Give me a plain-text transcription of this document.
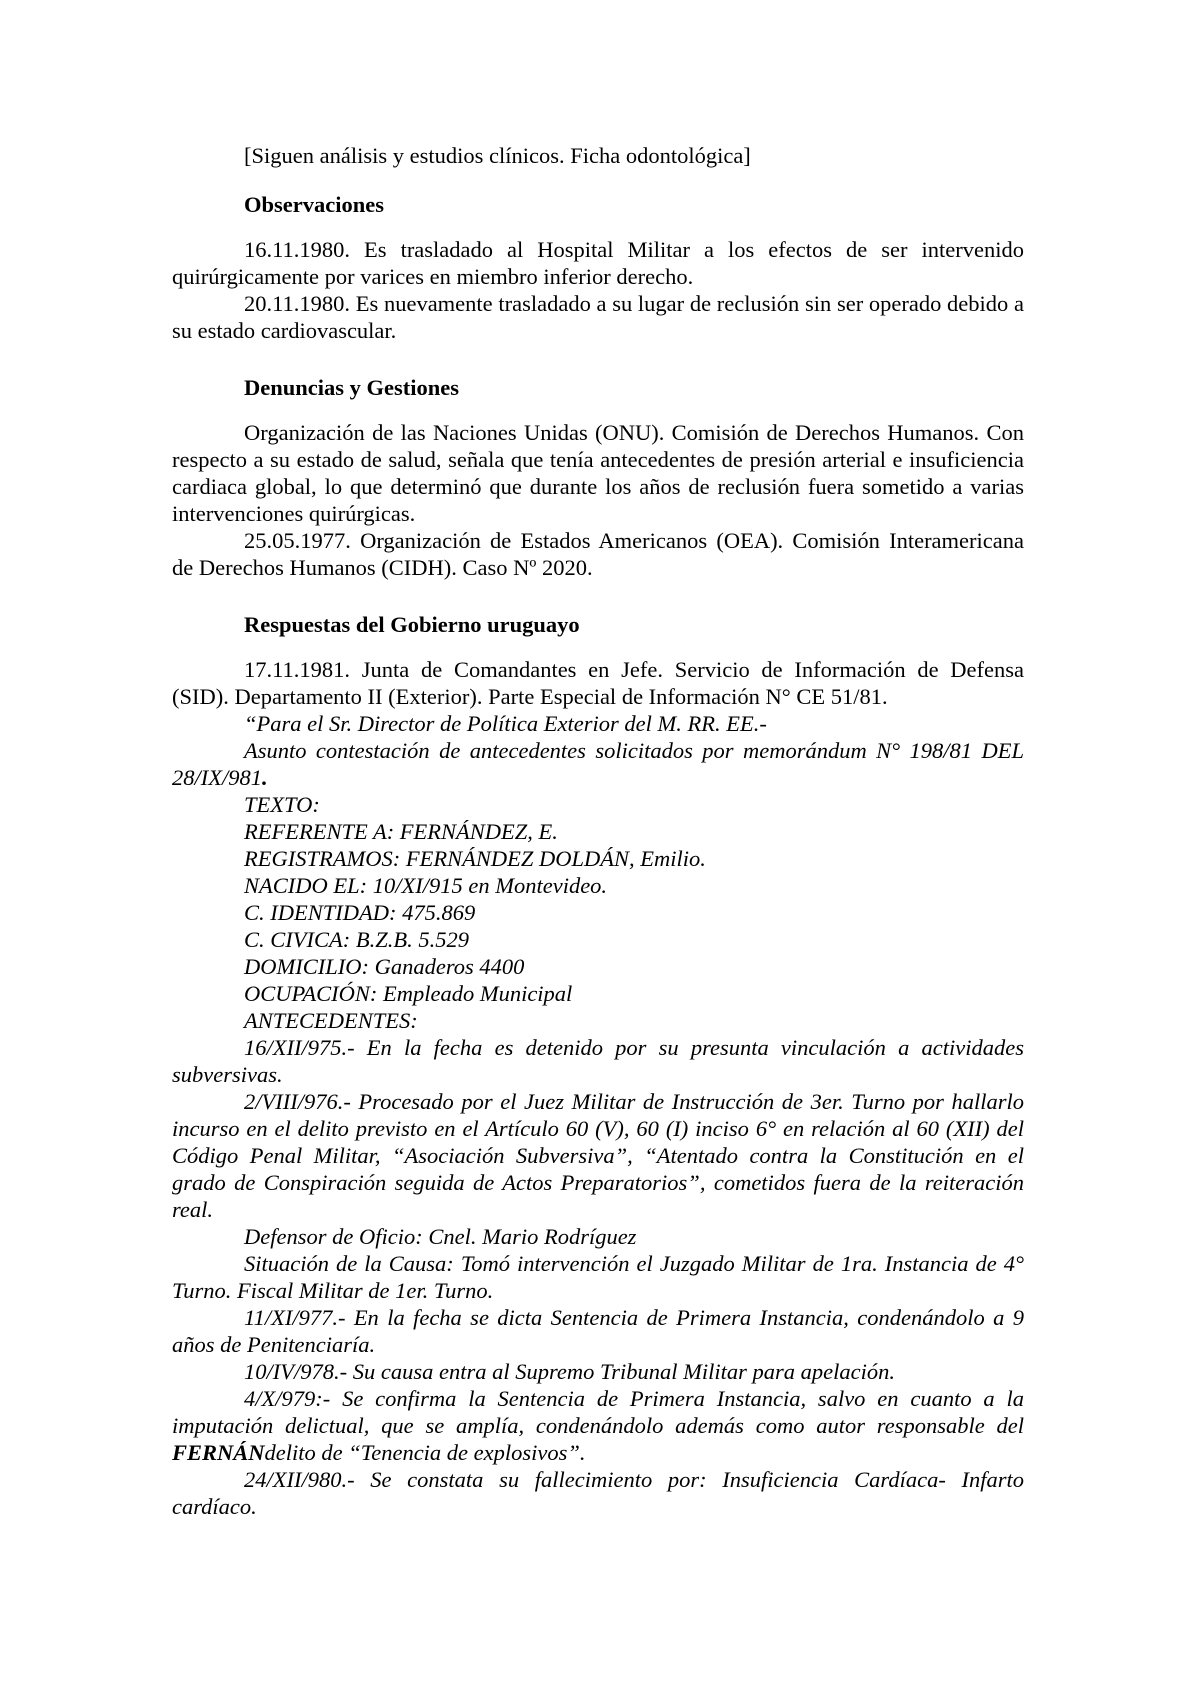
[Siguen análisis y estudios clínicos. Ficha odontológica]

Observaciones

16.11.1980. Es trasladado al Hospital Militar a los efectos de ser intervenido quirúrgicamente por varices en miembro inferior derecho.

20.11.1980. Es nuevamente trasladado a su lugar de reclusión sin ser operado debido a su estado cardiovascular.

Denuncias y Gestiones

Organización de las Naciones Unidas (ONU). Comisión de Derechos Humanos. Con respecto a su estado de salud, señala que tenía antecedentes de presión arterial e insuficiencia cardiaca global, lo que determinó que durante los años de reclusión fuera sometido a varias intervenciones quirúrgicas.

25.05.1977. Organización de Estados Americanos (OEA). Comisión Interamericana de Derechos Humanos (CIDH). Caso Nº 2020.

Respuestas del Gobierno uruguayo

17.11.1981. Junta de Comandantes en Jefe. Servicio de Información de Defensa (SID). Departamento II (Exterior). Parte Especial de Información N° CE 51/81.

“Para el Sr. Director de Política Exterior del M. RR. EE.-

Asunto contestación de antecedentes solicitados por memorándum N° 198/81 DEL 28/IX/981.

TEXTO:

REFERENTE A: FERNÁNDEZ, E.

REGISTRAMOS: FERNÁNDEZ DOLDÁN, Emilio.

NACIDO EL: 10/XI/915 en Montevideo.

C. IDENTIDAD: 475.869

C. CIVICA: B.Z.B. 5.529

DOMICILIO: Ganaderos 4400

OCUPACIÓN: Empleado Municipal

ANTECEDENTES:

16/XII/975.- En la fecha es detenido por su presunta vinculación a actividades subversivas.

2/VIII/976.- Procesado por el Juez Militar de Instrucción de 3er. Turno por hallarlo incurso en el delito previsto en el Artículo 60 (V), 60 (I) inciso 6° en relación al 60 (XII) del Código Penal Militar, “Asociación Subversiva”, “Atentado contra la Constitución en el grado de Conspiración seguida de Actos Preparatorios”, cometidos fuera de la reiteración real.

Defensor de Oficio: Cnel. Mario Rodríguez

Situación de la Causa: Tomó intervención el Juzgado Militar de 1ra. Instancia de 4° Turno. Fiscal Militar de 1er. Turno.

11/XI/977.- En la fecha se dicta Sentencia de Primera Instancia, condenándolo a 9 años de Penitenciaría.

10/IV/978.- Su causa entra al Supremo Tribunal Militar para apelación.

4/X/979:- Se confirma la Sentencia de Primera Instancia, salvo en cuanto a la imputación delictual, que se amplía, condenándolo además como autor responsable del FERNÁNdelito de “Tenencia de explosivos”.

24/XII/980.- Se constata su fallecimiento por: Insuficiencia Cardíaca- Infarto cardíaco.
